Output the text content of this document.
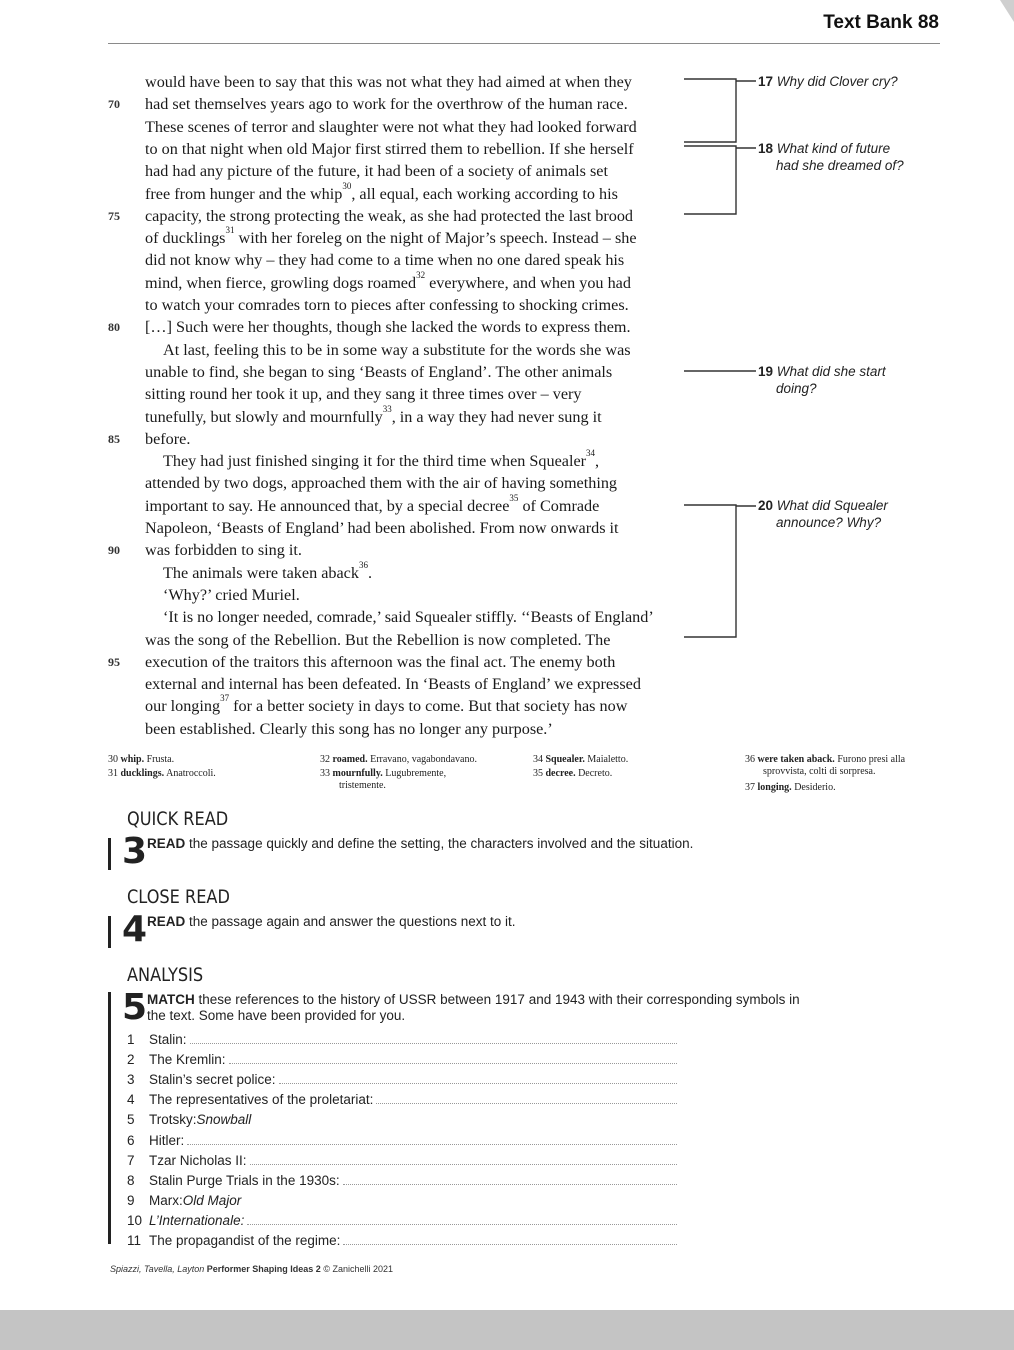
Text Bank 88
17 Why did Clover cry?
18 What kind of future
had she dreamed of?
19 What did she start
doing?
20 What did Squealer
announce? Why?
30 whip. Frusta.
31 ducklings. Anatroccoli.
32 roamed. Erravano, vagabondavano.
33 mournfully. Lugubremente,
tristemente.
34 Squealer. Maialetto.
35 decree. Decreto.
36 were taken aback. Furono presi alla
sprovvista, colti di sorpresa.
37 longing. Desiderio.
QUICK READ
3 READ the passage quickly and define the setting, the characters involved and the situation.
CLOSE READ
4 READ the passage again and answer the questions next to it.
ANALYSIS
5 MATCH these references to the history of USSR between 1917 and 1943 with their corresponding symbols in
the text. Some have been provided for you.
Spiazzi, Tavella, Layton Performer Shaping Ideas 2 © Zanichelli 2021
would have been to say that this was not what they had aimed at when they
had set themselves years ago to work for the overthrow of the human race.
70
These scenes of terror and slaughter were not what they had looked forward
to on that night when old Major first stirred them to rebellion. If she herself
had had any picture of the future, it had been of a society of animals set
free from hunger and the whip$^{30}$, all equal, each working according to his
capacity, the strong protecting the weak, as she had protected the last brood
75
of ducklings$^{31}$ with her foreleg on the night of Major’s speech. Instead – she
did not know why – they had come to a time when no one dared speak his
mind, when fierce, growling dogs roamed$^{32}$ everywhere, and when you had
to watch your comrades torn to pieces after confessing to shocking crimes.
[…] Such were her thoughts, though she lacked the words to express them.
80
At last, feeling this to be in some way a substitute for the words she was
unable to find, she began to sing ‘Beasts of England’. The other animals
sitting round her took it up, and they sang it three times over – very
tunefully, but slowly and mournfully$^{33}$, in a way they had never sung it
before.
85
They had just finished singing it for the third time when Squealer$^{34}$,
attended by two dogs, approached them with the air of having something
important to say. He announced that, by a special decree$^{35}$ of Comrade
Napoleon, ‘Beasts of England’ had been abolished. From now onwards it
was forbidden to sing it.
90
The animals were taken aback$^{36}$.
‘Why?’ cried Muriel.
‘It is no longer needed, comrade,’ said Squealer stiffly. ‘‘Beasts of England’
was the song of the Rebellion. But the Rebellion is now completed. The
execution of the traitors this afternoon was the final act. The enemy both
95
external and internal has been defeated. In ‘Beasts of England’ we expressed
our longing$^{37}$ for a better society in days to come. But that society has now
been established. Clearly this song has no longer any purpose.’
1	Stalin:
2	The Kremlin:
3	Stalin’s secret police:
4	The representatives of the proletariat:
5	Trotsky: Snowball
6	Hitler:
7	Tzar Nicholas II:
8	Stalin Purge Trials in the 1930s:
9	Marx: Old Major
10 L’Internationale:
11 The propagandist of the regime:
